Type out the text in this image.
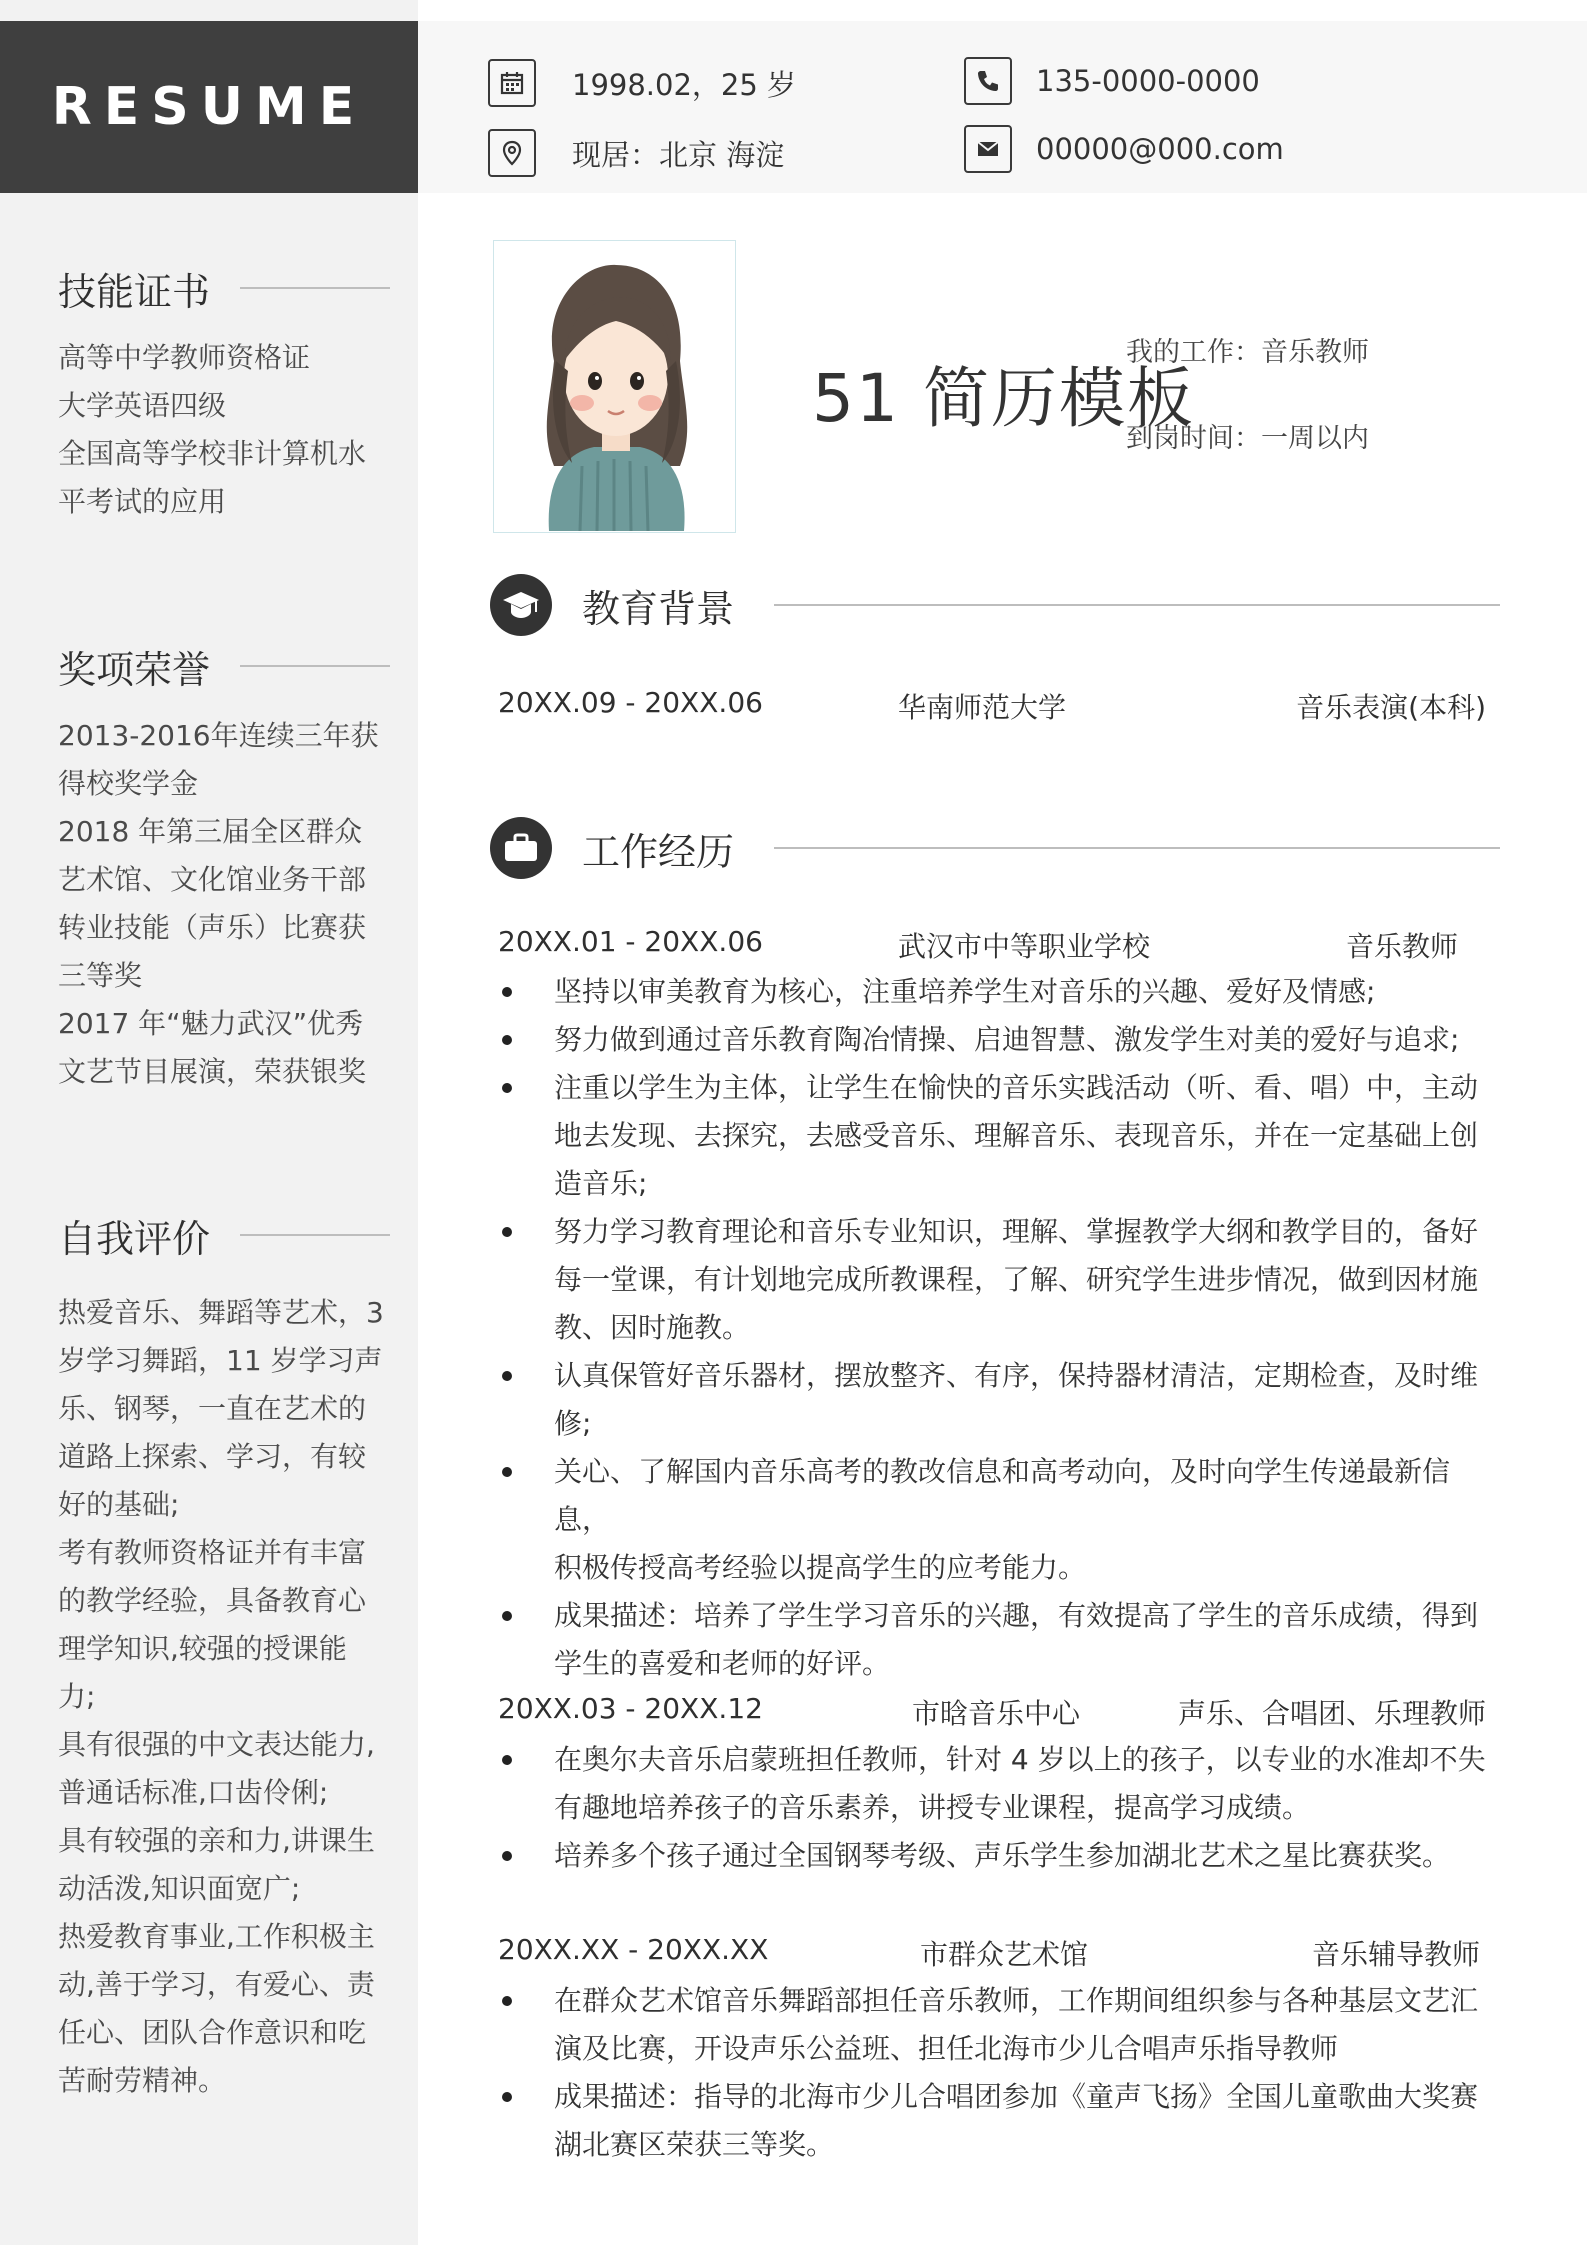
RESUME
技能证书
高等中学教师资格证
大学英语四级
全国高等学校非计算机水
平考试的应用
奖项荣誉
2013-2016年连续三年获
得校奖学金
2018 年第三届全区群众
艺术馆、文化馆业务干部
转业技能（声乐）比赛获
三等奖
2017 年“魅力武汉”优秀
文艺节目展演，荣获银奖
自我评价
热爱音乐、舞蹈等艺术，3
岁学习舞蹈，11 岁学习声
乐、钢琴，一直在艺术的
道路上探索、学习，有较
好的基础;
考有教师资格证并有丰富
的教学经验，具备教育心
理学知识,较强的授课能
力;
具有很强的中文表达能力,
普通话标准,口齿伶俐;
具有较强的亲和力,讲课生
动活泼,知识面宽广;
热爱教育事业,工作积极主
动,善于学习，有爱心、责
任心、团队合作意识和吃
苦耐劳精神。
1998.02，25 岁
现居：北京 海淀
135-0000-0000
00000@000.com
51 简历模板
我的工作：音乐教师
到岗时间：一周以内
教育背景
20XX.09 - 20XX.06	华南师范大学	音乐表演(本科)
工作经历
20XX.01 - 20XX.06	武汉市中等职业学校	音乐教师
坚持以审美教育为核心，注重培养学生对音乐的兴趣、爱好及情感;
努力做到通过音乐教育陶冶情操、启迪智慧、激发学生对美的爱好与追求;
注重以学生为主体，让学生在愉快的音乐实践活动（听、看、唱）中，主动
地去发现、去探究，去感受音乐、理解音乐、表现音乐，并在一定基础上创
造音乐;
努力学习教育理论和音乐专业知识，理解、掌握教学大纲和教学目的，备好
每一堂课，有计划地完成所教课程，了解、研究学生进步情况，做到因材施
教、因时施教。
认真保管好音乐器材，摆放整齐、有序，保持器材清洁，定期检查，及时维
修;
关心、了解国内音乐高考的教改信息和高考动向，及时向学生传递最新信息，
积极传授高考经验以提高学生的应考能力。
成果描述：培养了学生学习音乐的兴趣，有效提高了学生的音乐成绩，得到
学生的喜爱和老师的好评。
20XX.03 - 20XX.12	市晗音乐中心	声乐、合唱团、乐理教师
在奥尔夫音乐启蒙班担任教师，针对 4 岁以上的孩子，以专业的水准却不失
有趣地培养孩子的音乐素养，讲授专业课程，提高学习成绩。
培养多个孩子通过全国钢琴考级、声乐学生参加湖北艺术之星比赛获奖。
20XX.XX - 20XX.XX	市群众艺术馆	音乐辅导教师
在群众艺术馆音乐舞蹈部担任音乐教师，工作期间组织参与各种基层文艺汇
演及比赛，开设声乐公益班、担任北海市少儿合唱声乐指导教师
成果描述：指导的北海市少儿合唱团参加《童声飞扬》全国儿童歌曲大奖赛
湖北赛区荣获三等奖。
